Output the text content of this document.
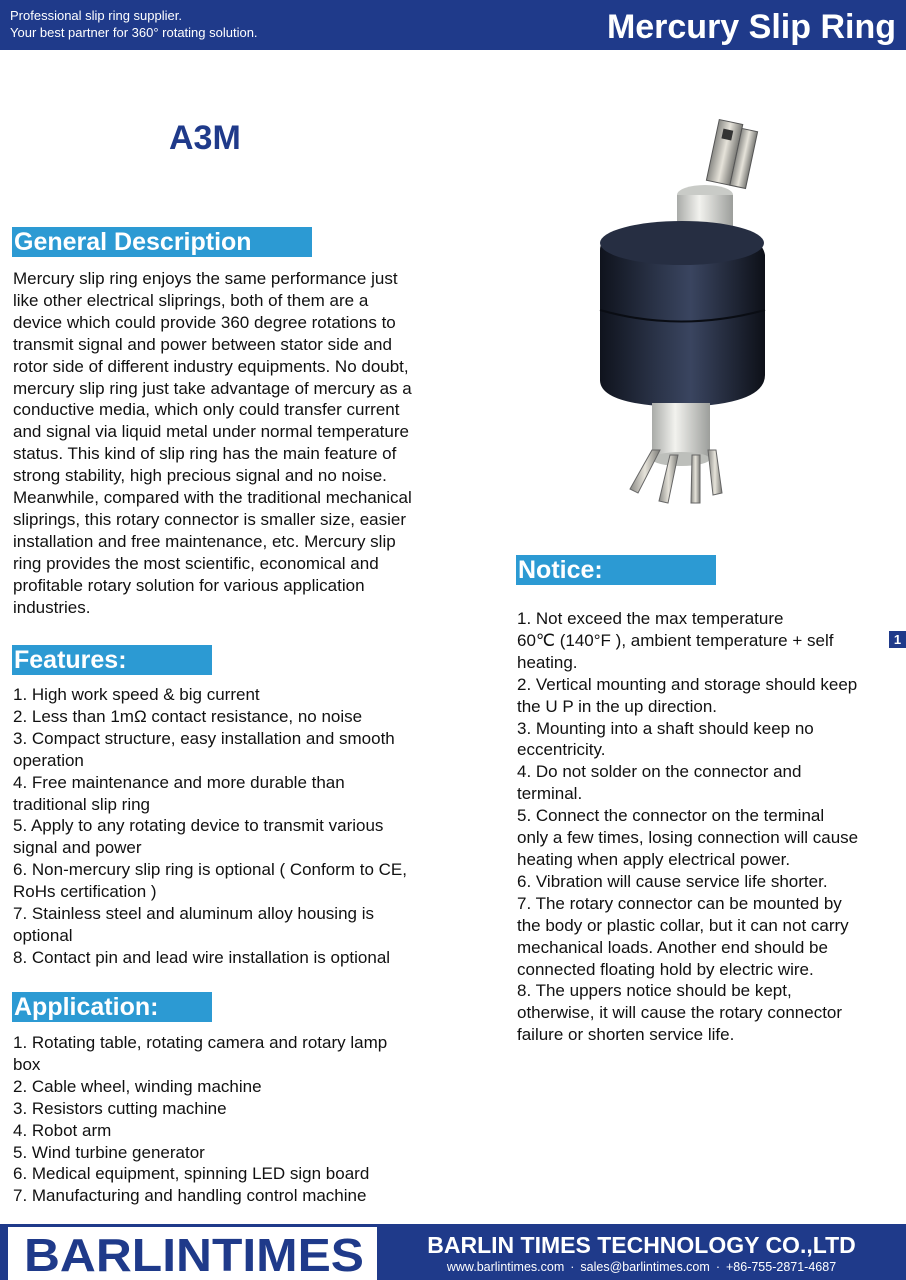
Professional slip ring supplier.
Your best partner for 360° rotating solution.	Mercury Slip Ring
A3M
General Description
Mercury slip ring enjoys the same performance just
like other electrical sliprings, both of them are a
device which could provide 360 degree rotations to
transmit signal and power between stator side and
rotor side of different industry equipments. No doubt,
mercury slip ring just take advantage of mercury as a
conductive media, which only could transfer current
and signal via liquid metal under normal temperature
status. This kind of slip ring has the main feature of
strong stability, high precious signal and no noise.
Meanwhile, compared with the traditional mechanical
sliprings, this rotary connector is smaller size, easier
installation and free maintenance, etc. Mercury slip
ring provides the most scientific, economical and
profitable rotary solution for various application
industries.
Features:
1. High work speed & big current
2. Less than 1mΩ contact resistance, no noise
3. Compact structure, easy installation and smooth
operation
4. Free maintenance and more durable than
traditional slip ring
5. Apply to any rotating device to transmit various
signal and power
6. Non-mercury slip ring is optional ( Conform to CE,
RoHs certification )
7. Stainless steel and aluminum alloy housing is
optional
8. Contact pin and lead wire installation is optional
Application:
1. Rotating table, rotating camera and rotary lamp
box
2. Cable wheel, winding machine
3. Resistors cutting machine
4. Robot arm
5. Wind turbine generator
6. Medical equipment, spinning LED sign board
7. Manufacturing and handling control machine
Notice:
1. Not exceed the max temperature
60℃ (140°F ), ambient temperature + self
heating.
2. Vertical mounting and storage should keep
the U P in the up direction.
3. Mounting into a shaft should keep no
eccentricity.
4. Do not solder on the connector and
terminal.
5. Connect the connector on the terminal
only a few times, losing connection will cause
heating when apply electrical power.
6. Vibration will cause service life shorter.
7. The rotary connector can be mounted by
the body or plastic collar, but it can not carry
mechanical loads. Another end should be
connected floating hold by electric wire.
8. The uppers notice should be kept,
otherwise, it will cause the rotary connector
failure or shorten service life.
1
BARLINTIMES	BARLIN TIMES TECHNOLOGY CO.,LTD
www.barlintimes.com · sales@barlintimes.com · +86-755-2871-4687
